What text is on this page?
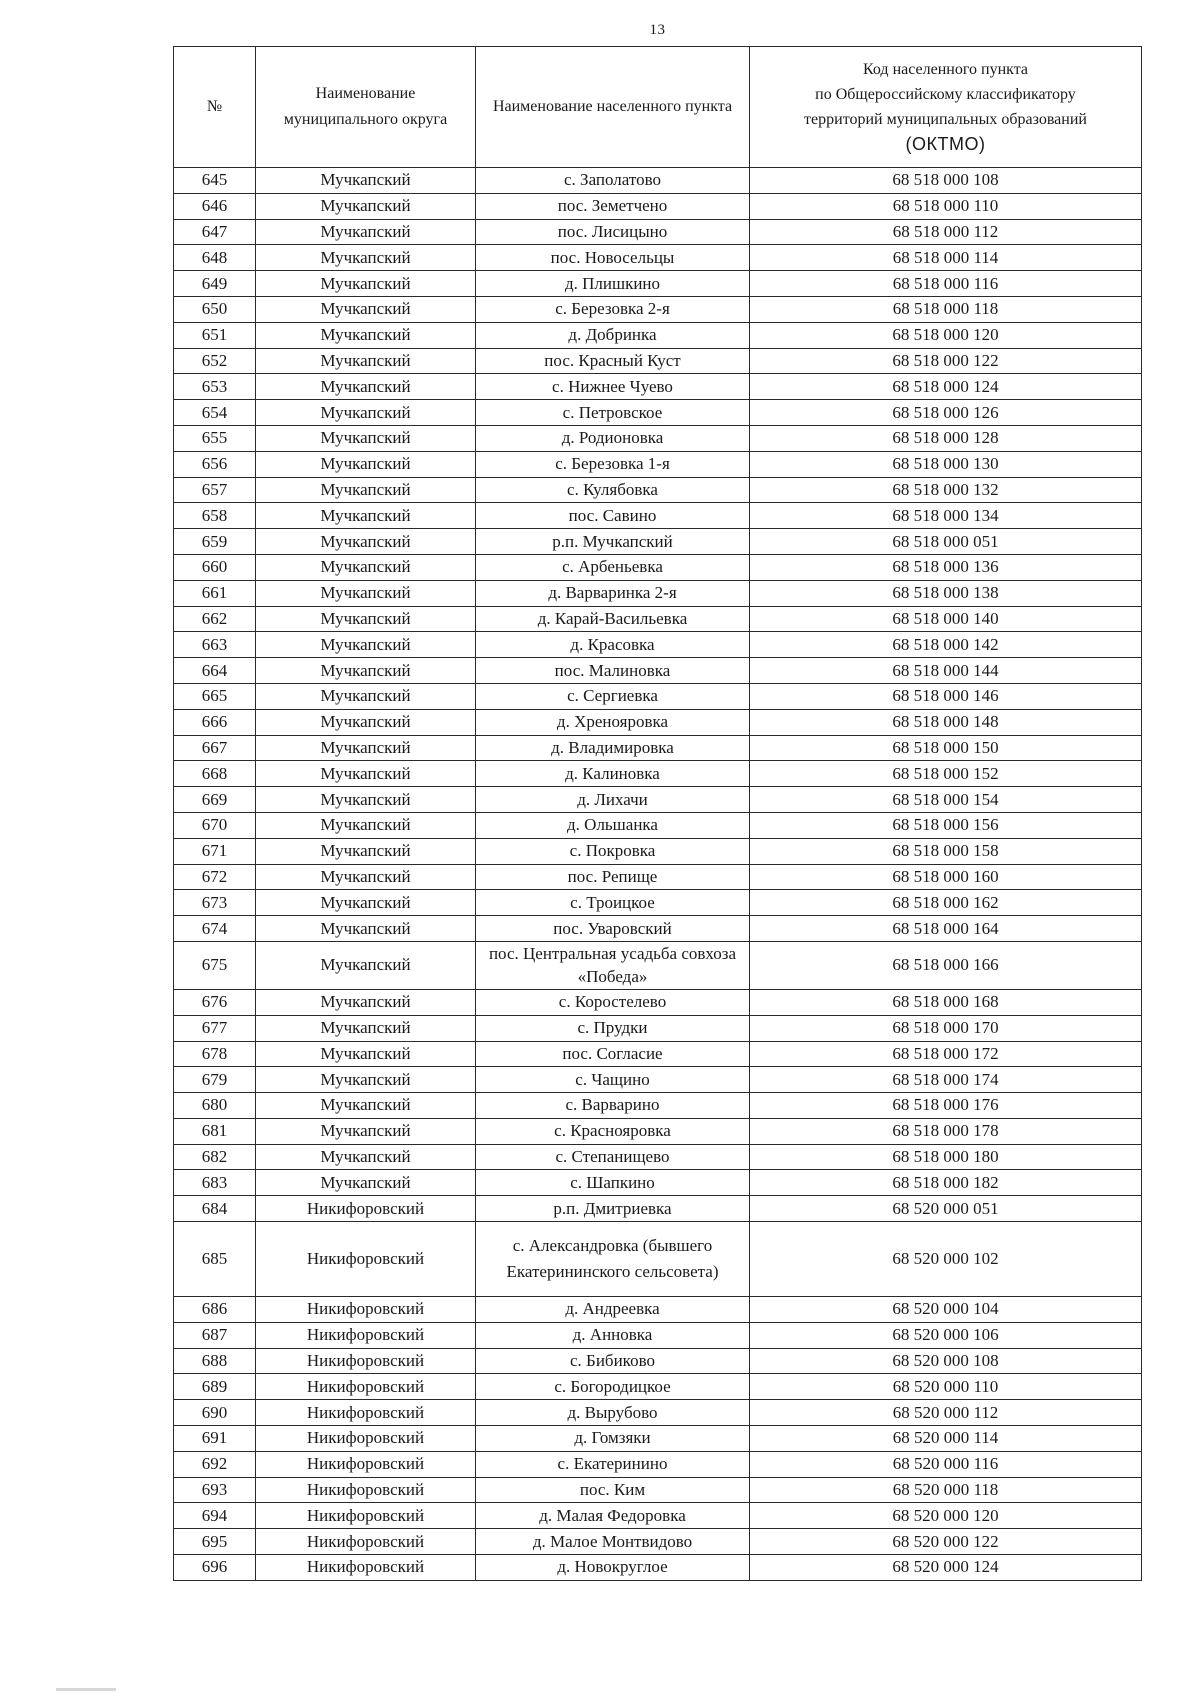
13
№	Наименование муниципального округа	Наименование населенного пункта	Код населенного пункта
по Общероссийскому классификатору
территорий муниципальных образований
(ОКТМО)

645	Мучкапский	с. Заполатово	68 518 000 108
646	Мучкапский	пос. Земетчено	68 518 000 110
647	Мучкапский	пос. Лисицыно	68 518 000 112
648	Мучкапский	пос. Новосельцы	68 518 000 114
649	Мучкапский	д. Плишкино	68 518 000 116
650	Мучкапский	с. Березовка 2-я	68 518 000 118
651	Мучкапский	д. Добринка	68 518 000 120
652	Мучкапский	пос. Красный Куст	68 518 000 122
653	Мучкапский	с. Нижнее Чуево	68 518 000 124
654	Мучкапский	с. Петровское	68 518 000 126
655	Мучкапский	д. Родионовка	68 518 000 128
656	Мучкапский	с. Березовка 1-я	68 518 000 130
657	Мучкапский	с. Кулябовка	68 518 000 132
658	Мучкапский	пос. Савино	68 518 000 134
659	Мучкапский	р.п. Мучкапский	68 518 000 051
660	Мучкапский	с. Арбеньевка	68 518 000 136
661	Мучкапский	д. Варваринка 2-я	68 518 000 138
662	Мучкапский	д. Карай-Васильевка	68 518 000 140
663	Мучкапский	д. Красовка	68 518 000 142
664	Мучкапский	пос. Малиновка	68 518 000 144
665	Мучкапский	с. Сергиевка	68 518 000 146
666	Мучкапский	д. Хреноярoвка	68 518 000 148
667	Мучкапский	д. Владимировка	68 518 000 150
668	Мучкапский	д. Калиновка	68 518 000 152
669	Мучкапский	д. Лихачи	68 518 000 154
670	Мучкапский	д. Ольшанка	68 518 000 156
671	Мучкапский	с. Покровка	68 518 000 158
672	Мучкапский	пос. Репище	68 518 000 160
673	Мучкапский	с. Троицкое	68 518 000 162
674	Мучкапский	пос. Уваровский	68 518 000 164
675	Мучкапский	пос. Центральная усадьба совхоза «Победа»	68 518 000 166
676	Мучкапский	с. Коростелево	68 518 000 168
677	Мучкапский	с. Прудки	68 518 000 170
678	Мучкапский	пос. Согласие	68 518 000 172
679	Мучкапский	с. Чащино	68 518 000 174
680	Мучкапский	с. Варварино	68 518 000 176
681	Мучкапский	с. Краснояровка	68 518 000 178
682	Мучкапский	с. Степанищево	68 518 000 180
683	Мучкапский	с. Шапкино	68 518 000 182
684	Никифоровский	р.п. Дмитриевка	68 520 000 051
685	Никифоровский	с. Александровка (бывшего Екатерининского сельсовета)	68 520 000 102
686	Никифоровский	д. Андреевка	68 520 000 104
687	Никифоровский	д. Анновка	68 520 000 106
688	Никифоровский	с. Бибиково	68 520 000 108
689	Никифоровский	с. Богородицкое	68 520 000 110
690	Никифоровский	д. Вырубово	68 520 000 112
691	Никифоровский	д. Гомзяки	68 520 000 114
692	Никифоровский	с. Екатеринино	68 520 000 116
693	Никифоровский	пос. Ким	68 520 000 118
694	Никифоровский	д. Малая Федоровка	68 520 000 120
695	Никифоровский	д. Малое Монтвидово	68 520 000 122
696	Никифоровский	д. Новокруглое	68 520 000 124
